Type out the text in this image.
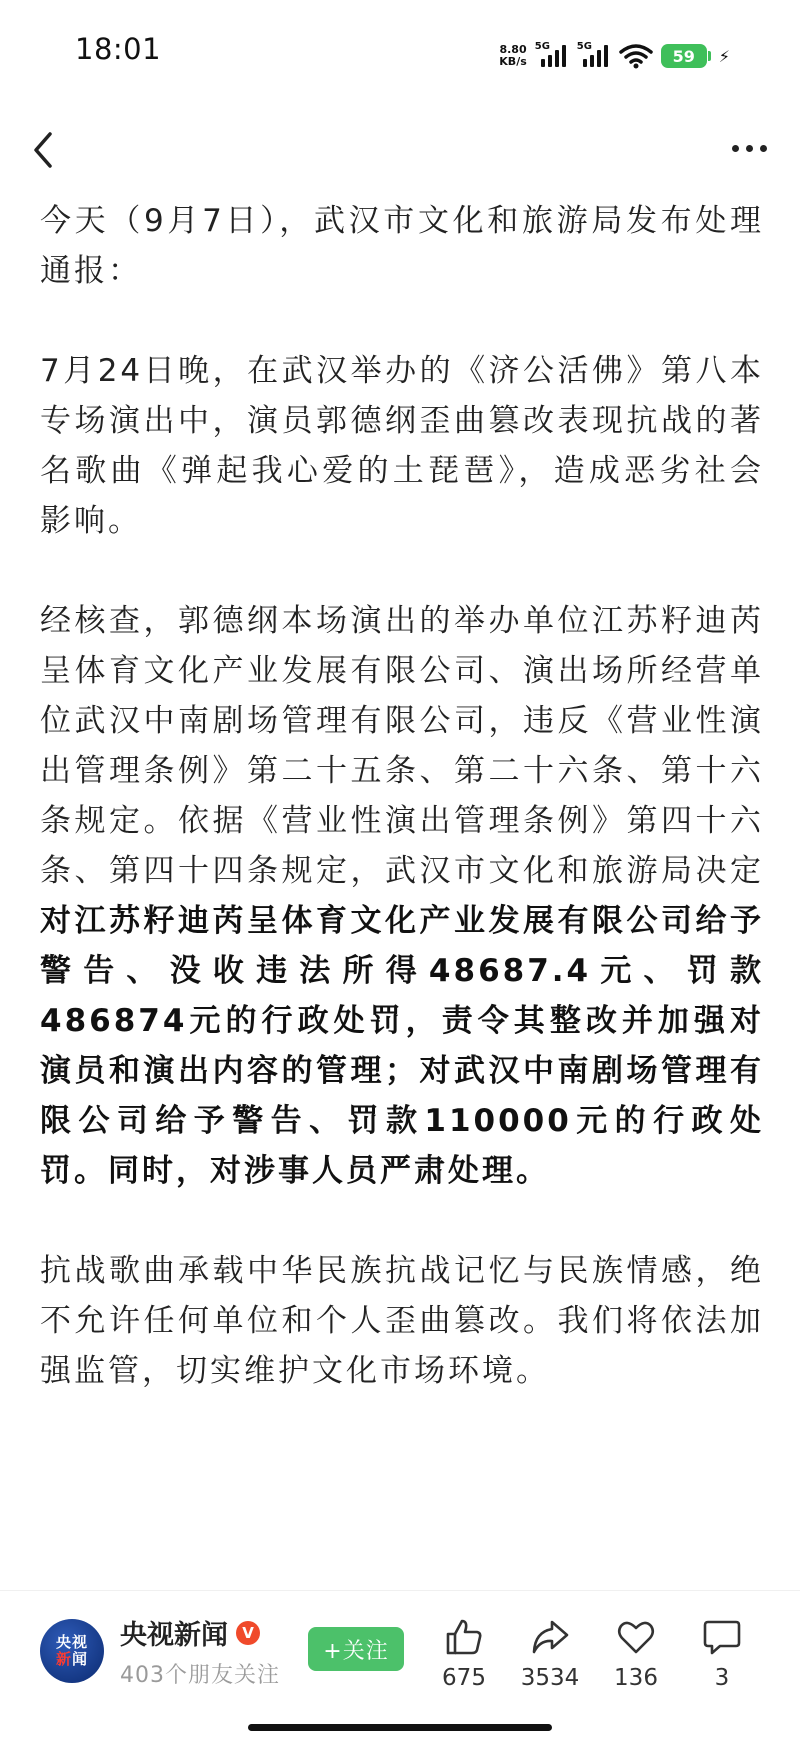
18:01	8.80
KB/s
5G	5G	59 ⚡

今天（9月7日），武汉市文化和旅游局发布处理通报：

7月24日晚，在武汉举办的《济公活佛》第八本专场演出中，演员郭德纲歪曲篡改表现抗战的著名歌曲《弹起我心爱的土琵琶》，造成恶劣社会影响。

经核查，郭德纲本场演出的举办单位江苏籽迪芮呈体育文化产业发展有限公司、演出场所经营单位武汉中南剧场管理有限公司，违反《营业性演出管理条例》第二十五条、第二十六条、第十六条规定。依据《营业性演出管理条例》第四十六条、第四十四条规定，武汉市文化和旅游局决定对江苏籽迪芮呈体育文化产业发展有限公司给予警告、没收违法所得48687.4元、罚款486874元的行政处罚，责令其整改并加强对演员和演出内容的管理；对武汉中南剧场管理有限公司给予警告、罚款110000元的行政处罚。同时，对涉事人员严肃处理。

抗战歌曲承载中华民族抗战记忆与民族情感，绝不允许任何单位和个人歪曲篡改。我们将依法加强监管，切实维护文化市场环境。

央视
新闻
央视新闻 V
403个朋友关注
+关注
675 3534 136 3
